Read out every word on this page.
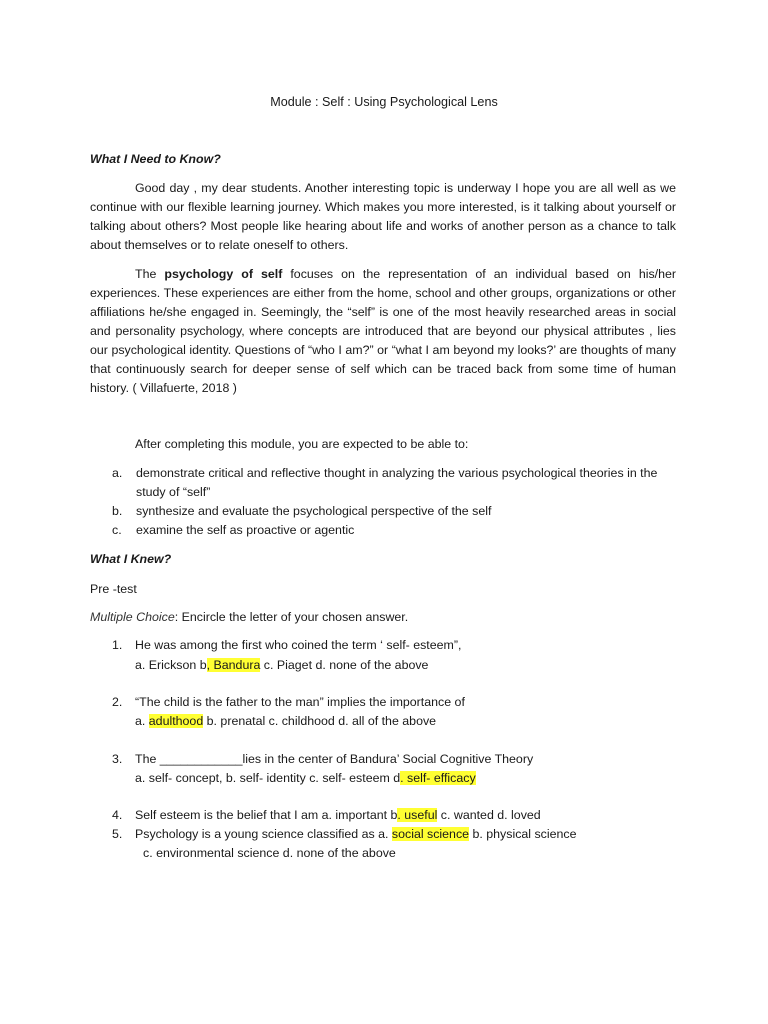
Module : Self : Using Psychological Lens
What I Need to Know?
Good day , my dear students. Another interesting topic is underway I hope you are all well as we continue with our flexible learning journey. Which makes you more interested, is it talking about yourself or talking about others? Most people like hearing about life and works of another person as a chance to talk about themselves or to relate oneself to others.
The psychology of self focuses on the representation of an individual based on his/her experiences. These experiences are either from the home, school and other groups, organizations or other affiliations he/she engaged in. Seemingly, the “self” is one of the most heavily researched areas in social and personality psychology, where concepts are introduced that are beyond our physical attributes , lies our psychological identity. Questions of “who I am?” or “what I am beyond my looks?’ are thoughts of many that continuously search for deeper sense of self which can be traced back from some time of human history. ( Villafuerte, 2018 )
After completing this module, you are expected to be able to:
a. demonstrate critical and reflective thought in analyzing the various psychological theories in the study of “self”
b. synthesize and evaluate the psychological perspective of the self
c. examine the self as proactive or agentic
What I Knew?
Pre -test
Multiple Choice: Encircle the letter of your chosen answer.
1. He was among the first who coined the term ‘ self- esteem”,
a. Erickson b, Bandura c. Piaget d. none of the above
2. “The child is the father to the man” implies the importance of
a. adulthood b. prenatal c. childhood d. all of the above
3. The ____________lies in the center of Bandura’ Social Cognitive Theory
a. self- concept, b. self- identity c. self- esteem d. self- efficacy
4. Self esteem is the belief that I am a. important b. useful c. wanted d. loved
5. Psychology is a young science classified as a. social science b. physical science
c. environmental science d. none of the above
